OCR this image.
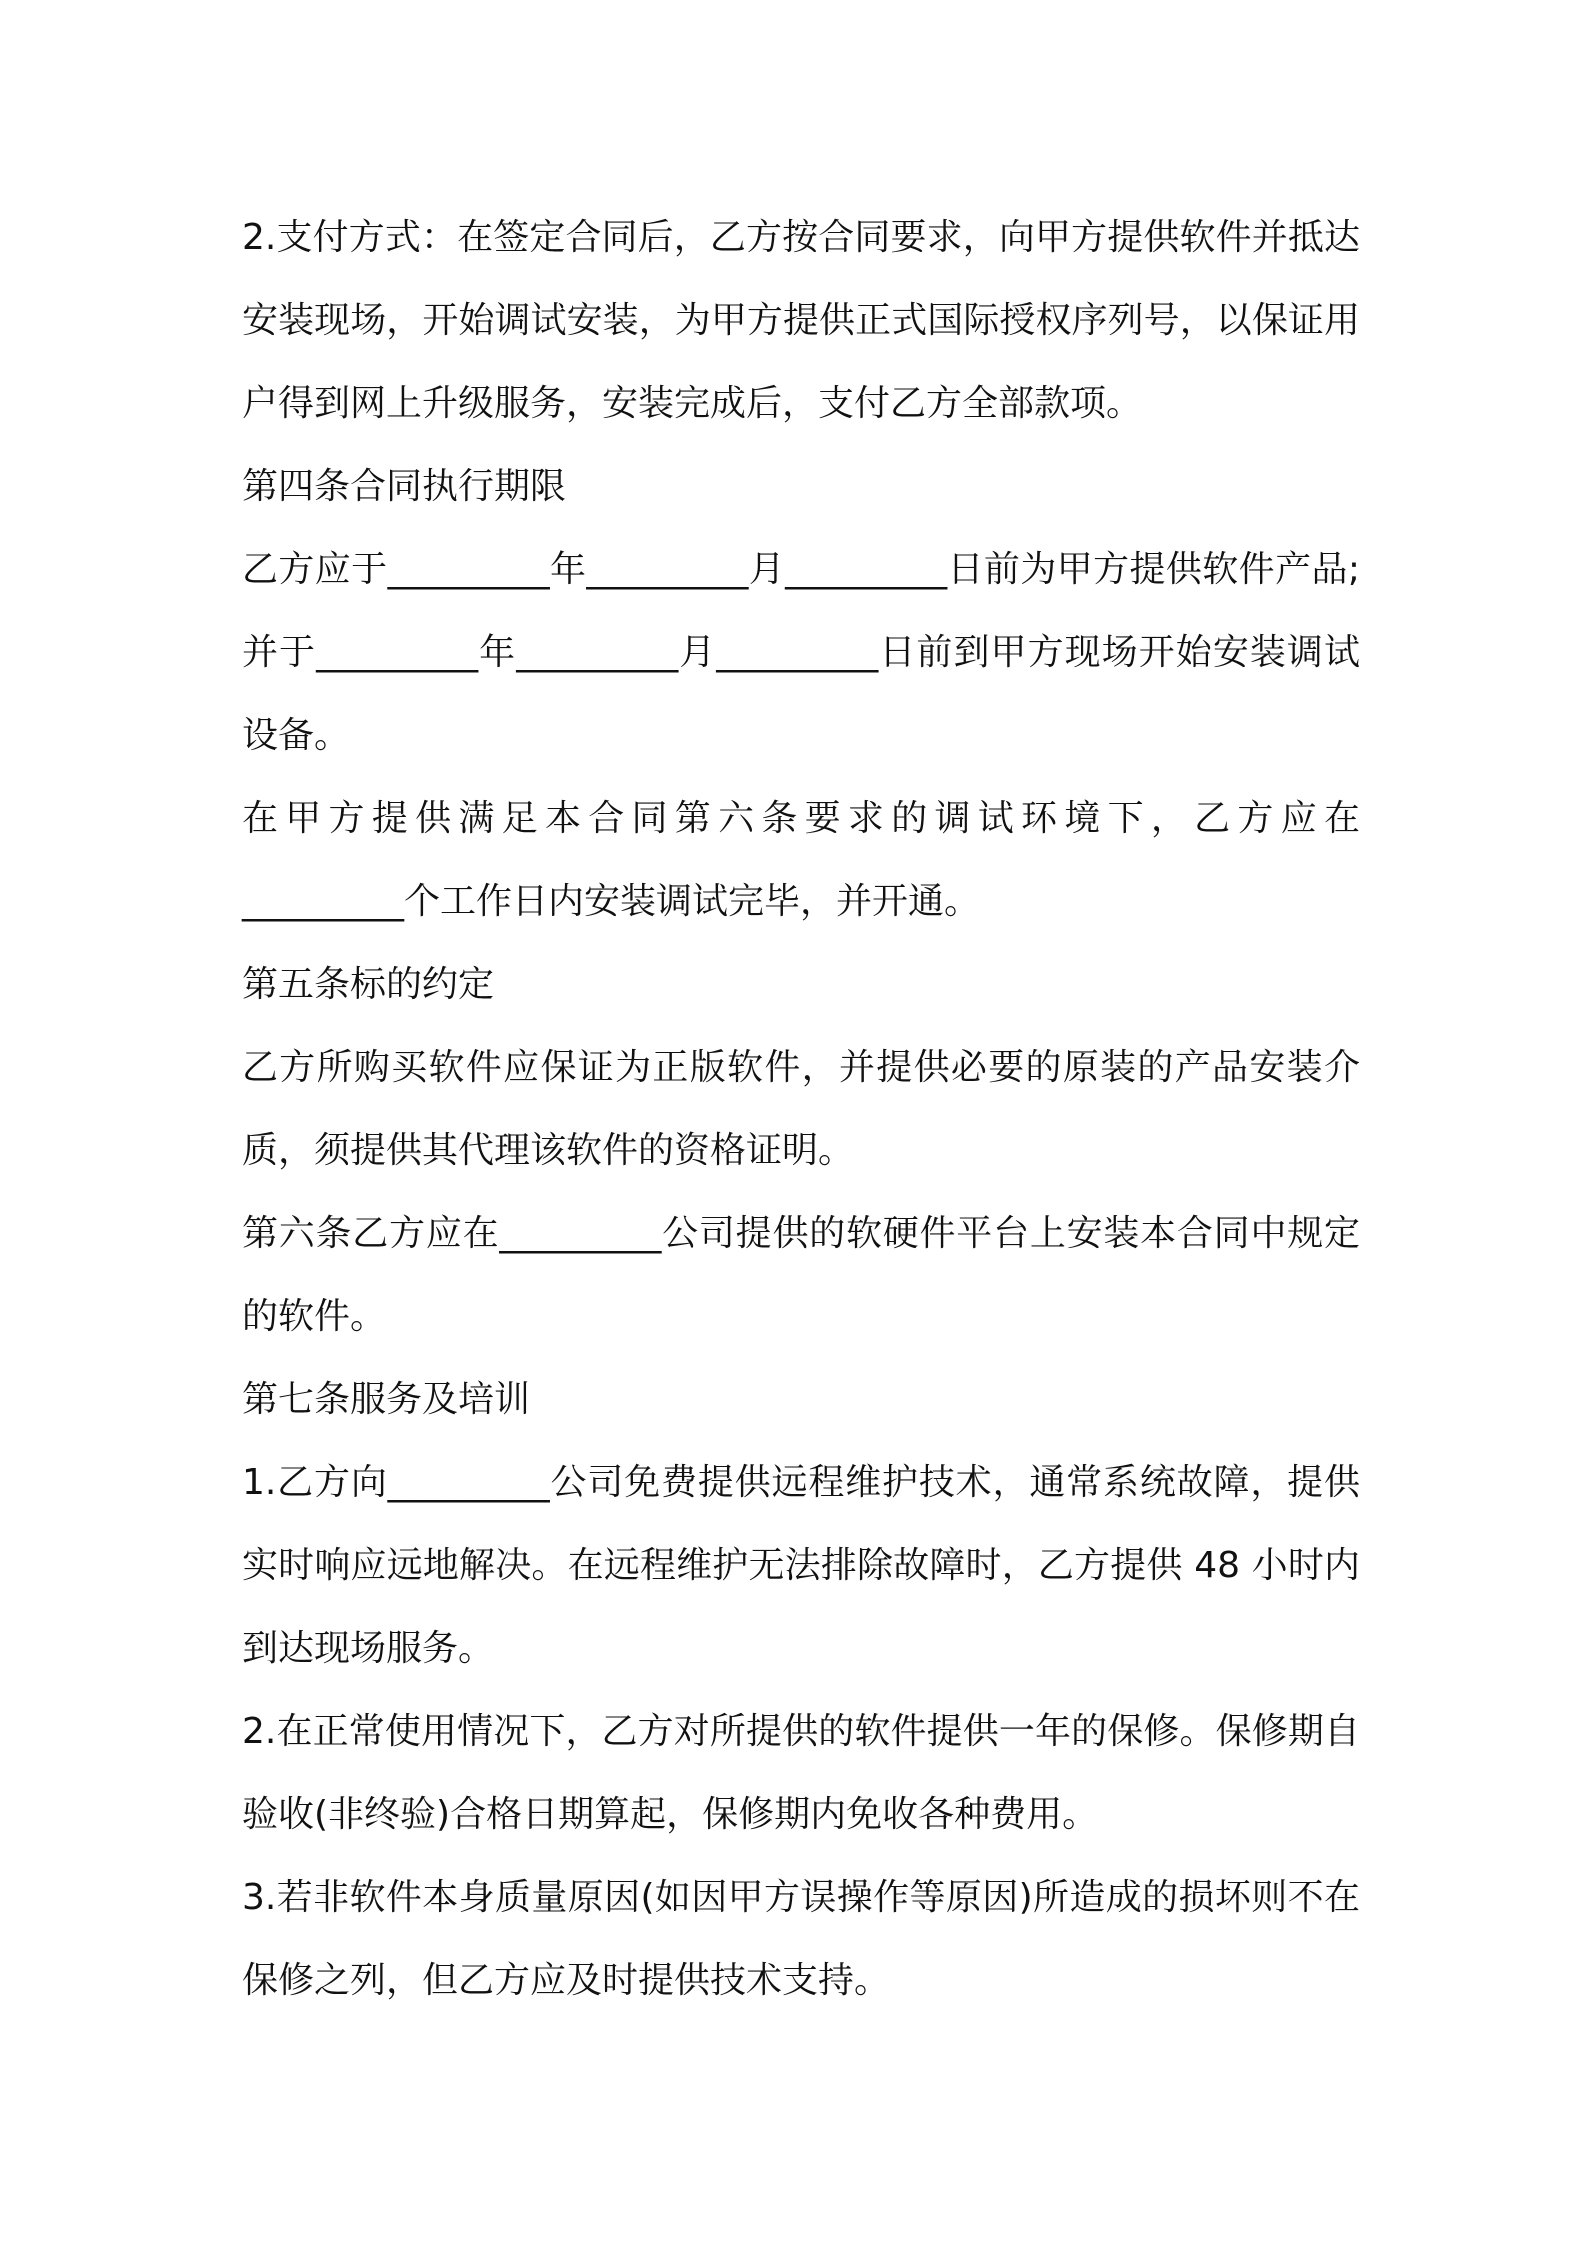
2.支付方式：在签定合同后，乙方按合同要求，向甲方提供软件并抵达安装现场，开始调试安装，为甲方提供正式国际授权序列号，以保证用户得到网上升级服务，安装完成后，支付乙方全部款项。

第四条合同执行期限

乙方应于_________年_________月_________日前为甲方提供软件产品;并于_________年_________月_________日前到甲方现场开始安装调试设备。

在甲方提供满足本合同第六条要求的调试环境下，乙方应在

_________个工作日内安装调试完毕，并开通。

第五条标的约定

乙方所购买软件应保证为正版软件，并提供必要的原装的产品安装介质，须提供其代理该软件的资格证明。

第六条乙方应在_________公司提供的软硬件平台上安装本合同中规定的软件。

第七条服务及培训

1.乙方向_________公司免费提供远程维护技术，通常系统故障，提供实时响应远地解决。在远程维护无法排除故障时，乙方提供 48 小时内到达现场服务。

2.在正常使用情况下，乙方对所提供的软件提供一年的保修。保修期自验收(非终验)合格日期算起，保修期内免收各种费用。

3.若非软件本身质量原因(如因甲方误操作等原因)所造成的损坏则不在保修之列，但乙方应及时提供技术支持。
